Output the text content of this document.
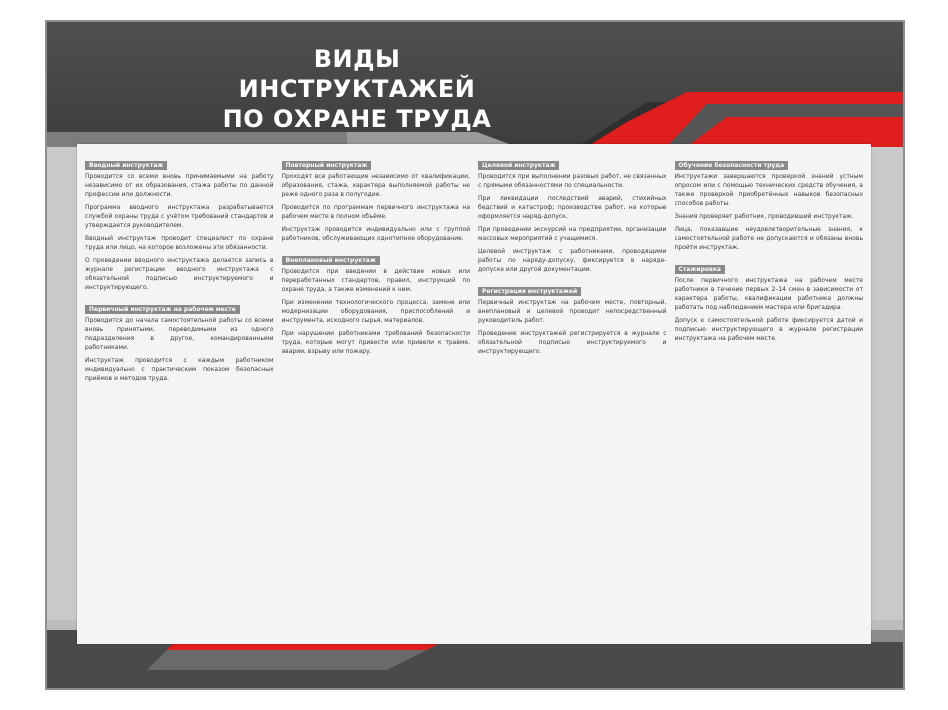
ВИДЫ ИНСТРУКТАЖЕЙ
ПО ОХРАНЕ ТРУДА
Вводный инструктаж

Проводится со всеми вновь принимаемыми на работу независимо от их образования, стажа работы по данной профессии или должности.

Программа вводного инструктажа разрабатывается службой охраны труда с учётом требований стандартов и утверждается руководителем.

Вводный инструктаж проводит специалист по охране труда или лицо, на которое возложены эти обязанности.

О проведении вводного инструктажа делается запись в журнале регистрации вводного инструктажа с обязательной подписью инструктируемого и инструктирующего.

Первичный инструктаж на рабочем месте

Проводится до начала самостоятельной работы со всеми вновь принятыми, переводимыми из одного подразделения в другое, командированными работниками.

Инструктаж проводится с каждым работником индивидуально с практическим показом безопасных приёмов и методов труда.

Повторный инструктаж

Проходят все работающие независимо от квалификации, образования, стажа, характера выполняемой работы не реже одного раза в полугодие.

Проводится по программам первичного инструктажа на рабочем месте в полном объёме.

Инструктаж проводится индивидуально или с группой работников, обслуживающих однотипное оборудование.

Внеплановый инструктаж

Проводится при введении в действие новых или переработанных стандартов, правил, инструкций по охране труда, а также изменений к ним.

При изменении технологического процесса, замене или модернизации оборудования, приспособлений и инструмента, исходного сырья, материалов.

При нарушении работниками требований безопасности труда, которые могут привести или привели к травме, аварии, взрыву или пожару.

Целевой инструктаж

Проводится при выполнении разовых работ, не связанных с прямыми обязанностями по специальности.

При ликвидации последствий аварий, стихийных бедствий и катастроф; производстве работ, на которые оформляется наряд-допуск.

При проведении экскурсий на предприятии, организации массовых мероприятий с учащимися.

Целевой инструктаж с работниками, проводящими работы по наряду-допуску, фиксируется в наряде-допуске или другой документации.

Регистрация инструктажей

Первичный инструктаж на рабочем месте, повторный, внеплановый и целевой проводит непосредственный руководитель работ.

Проведение инструктажей регистрируется в журнале с обязательной подписью инструктируемого и инструктирующего.

Обучение безопасности труда

Инструктажи завершаются проверкой знаний устным опросом или с помощью технических средств обучения, а также проверкой приобретённых навыков безопасных способов работы.

Знания проверяет работник, проводивший инструктаж.

Лица, показавшие неудовлетворительные знания, к самостоятельной работе не допускаются и обязаны вновь пройти инструктаж.

Стажировка

После первичного инструктажа на рабочем месте работники в течение первых 2–14 смен в зависимости от характера работы, квалификации работника должны работать под наблюдением мастера или бригадира.

Допуск к самостоятельной работе фиксируется датой и подписью инструктирующего в журнале регистрации инструктажа на рабочем месте.
